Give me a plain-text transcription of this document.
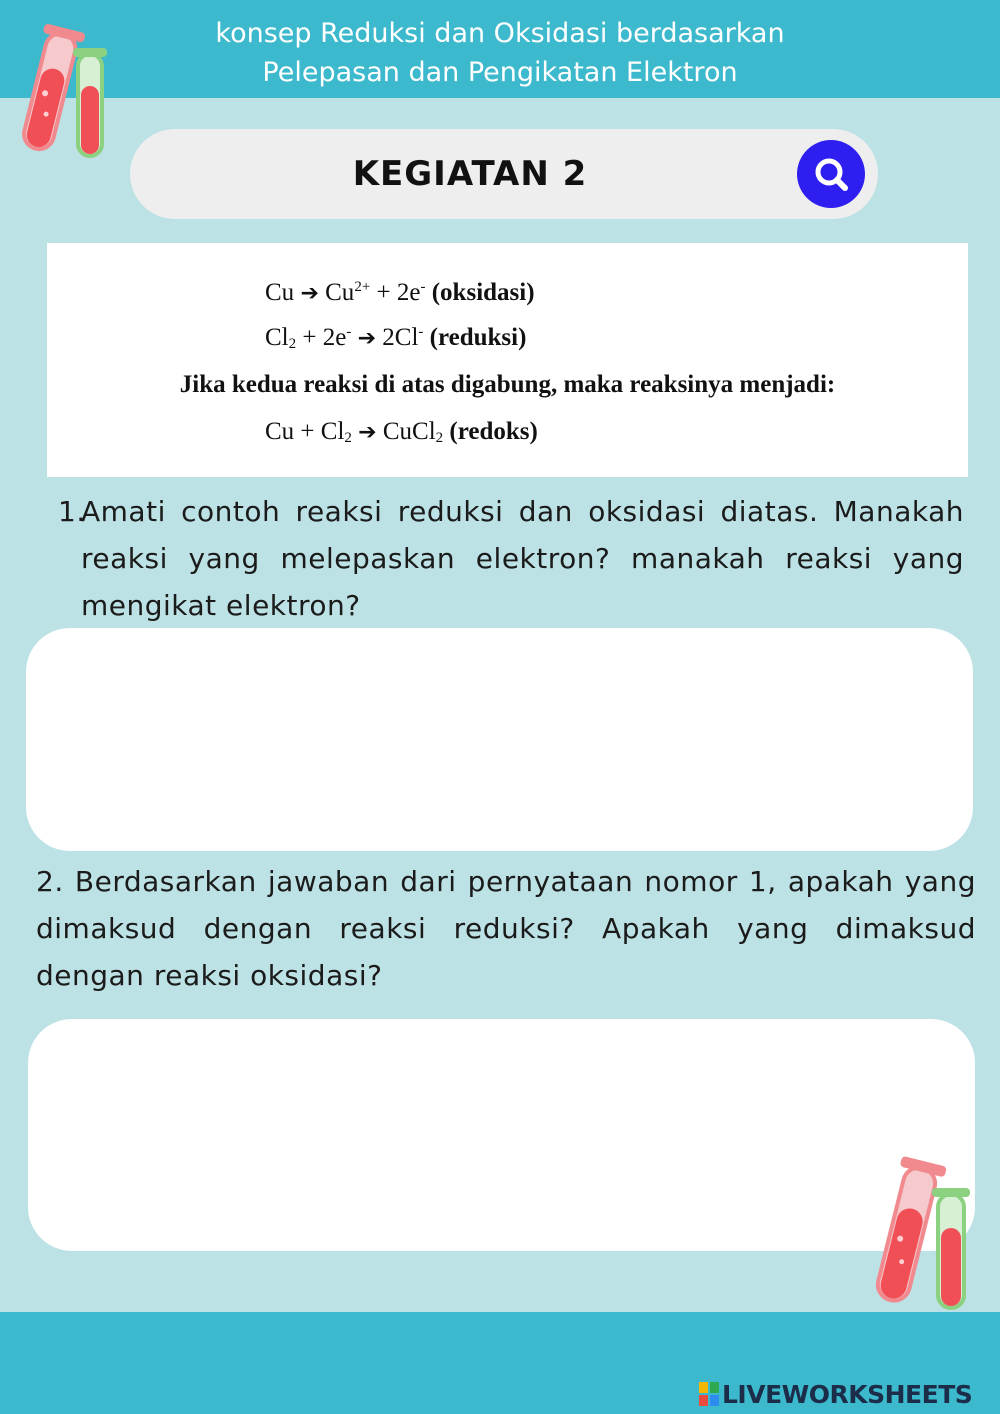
konsep Reduksi dan Oksidasi berdasarkan
Pelepasan dan Pengikatan Elektron
KEGIATAN 2
Cu ➔ $Cu^{2+} + 2e^-$ (oksidasi)
$Cl_2 + 2e^-$ ➔ 2Cl- (reduksi)
Jika kedua reaksi di atas digabung, maka reaksinya menjadi:
$Cu + Cl_2$ ➔ CuCl$_2$ (redoks)
1.
Amati contoh reaksi reduksi dan oksidasi diatas. Manakah reaksi yang melepaskan elektron? manakah reaksi yang mengikat elektron?
2. Berdasarkan jawaban dari pernyataan nomor 1, apakah yang dimaksud dengan reaksi reduksi? Apakah yang dimaksud dengan reaksi oksidasi?
LIVEWORKSHEETS
